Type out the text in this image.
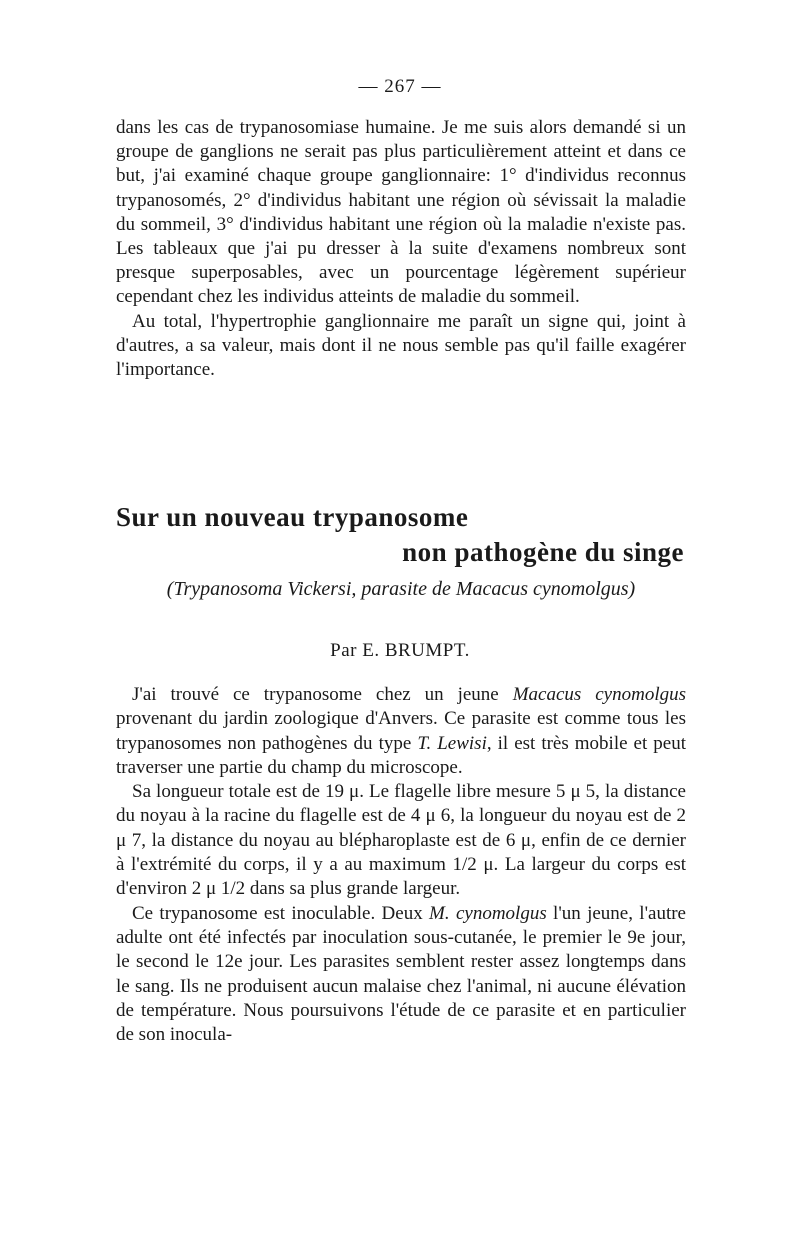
— 267 —

dans les cas de trypanosomiase humaine. Je me suis alors demandé si un groupe de ganglions ne serait pas plus particulièrement atteint et dans ce but, j'ai examiné chaque groupe ganglionnaire: 1° d'individus reconnus trypanosomés, 2° d'individus habitant une région où sévissait la maladie du sommeil, 3° d'individus habitant une région où la maladie n'existe pas. Les tableaux que j'ai pu dresser à la suite d'examens nombreux sont presque superposables, avec un pourcentage légèrement supérieur cependant chez les individus atteints de maladie du sommeil.

Au total, l'hypertrophie ganglionnaire me paraît un signe qui, joint à d'autres, a sa valeur, mais dont il ne nous semble pas qu'il faille exagérer l'importance.

Sur un nouveau trypanosome
non pathogène du singe
(Trypanosoma Vickersi, parasite de Macacus cynomolgus)
Par E. BRUMPT.

J'ai trouvé ce trypanosome chez un jeune Macacus cynomolgus provenant du jardin zoologique d'Anvers. Ce parasite est comme tous les trypanosomes non pathogènes du type T. Lewisi, il est très mobile et peut traverser une partie du champ du microscope.

Sa longueur totale est de 19 μ. Le flagelle libre mesure 5 μ 5, la distance du noyau à la racine du flagelle est de 4 μ 6, la longueur du noyau est de 2 μ 7, la distance du noyau au blépharoplaste est de 6 μ, enfin de ce dernier à l'extrémité du corps, il y a au maximum 1/2 μ. La largeur du corps est d'environ 2 μ 1/2 dans sa plus grande largeur.

Ce trypanosome est inoculable. Deux M. cynomolgus l'un jeune, l'autre adulte ont été infectés par inoculation sous-cutanée, le premier le 9e jour, le second le 12e jour. Les parasites semblent rester assez longtemps dans le sang. Ils ne produisent aucun malaise chez l'animal, ni aucune élévation de température. Nous poursuivons l'étude de ce parasite et en particulier de son inocula-
